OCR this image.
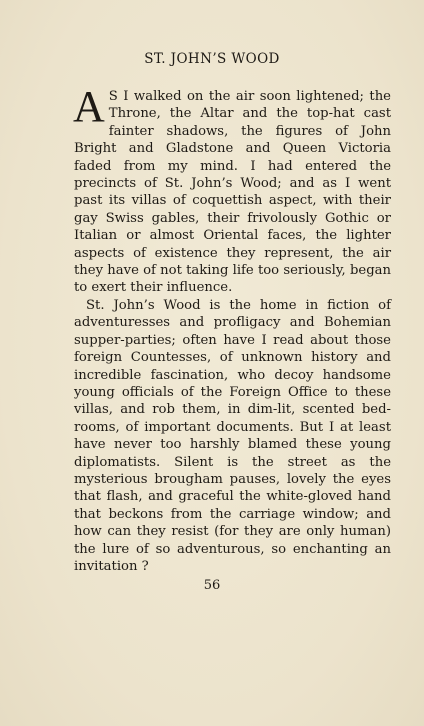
ST. JOHN’S WOOD

A S I walked on the air soon lightened; the Throne, the Altar and the top-hat cast fainter shadows, the figures of John Bright and Gladstone and Queen Victoria faded from my mind. I had entered the precincts of St. John’s Wood; and as I went past its villas of coquettish aspect, with their gay Swiss gables, their frivolously Gothic or Italian or almost Oriental faces, the lighter aspects of existence they represent, the air they have of not taking life too seriously, began to exert their influence.

St. John’s Wood is the home in fiction of adventuresses and profligacy and Bohemian supper-parties; often have I read about those foreign Countesses, of unknown history and incredible fascination, who decoy handsome young officials of the Foreign Office to these villas, and rob them, in dim-lit, scented bedrooms, of important documents. But I at least have never too harshly blamed these young diplomatists. Silent is the street as the mysterious brougham pauses, lovely the eyes that flash, and graceful the white-gloved hand that beckons from the carriage window; and how can they resist (for they are only human) the lure of so adventurous, so enchanting an invitation ?

56
